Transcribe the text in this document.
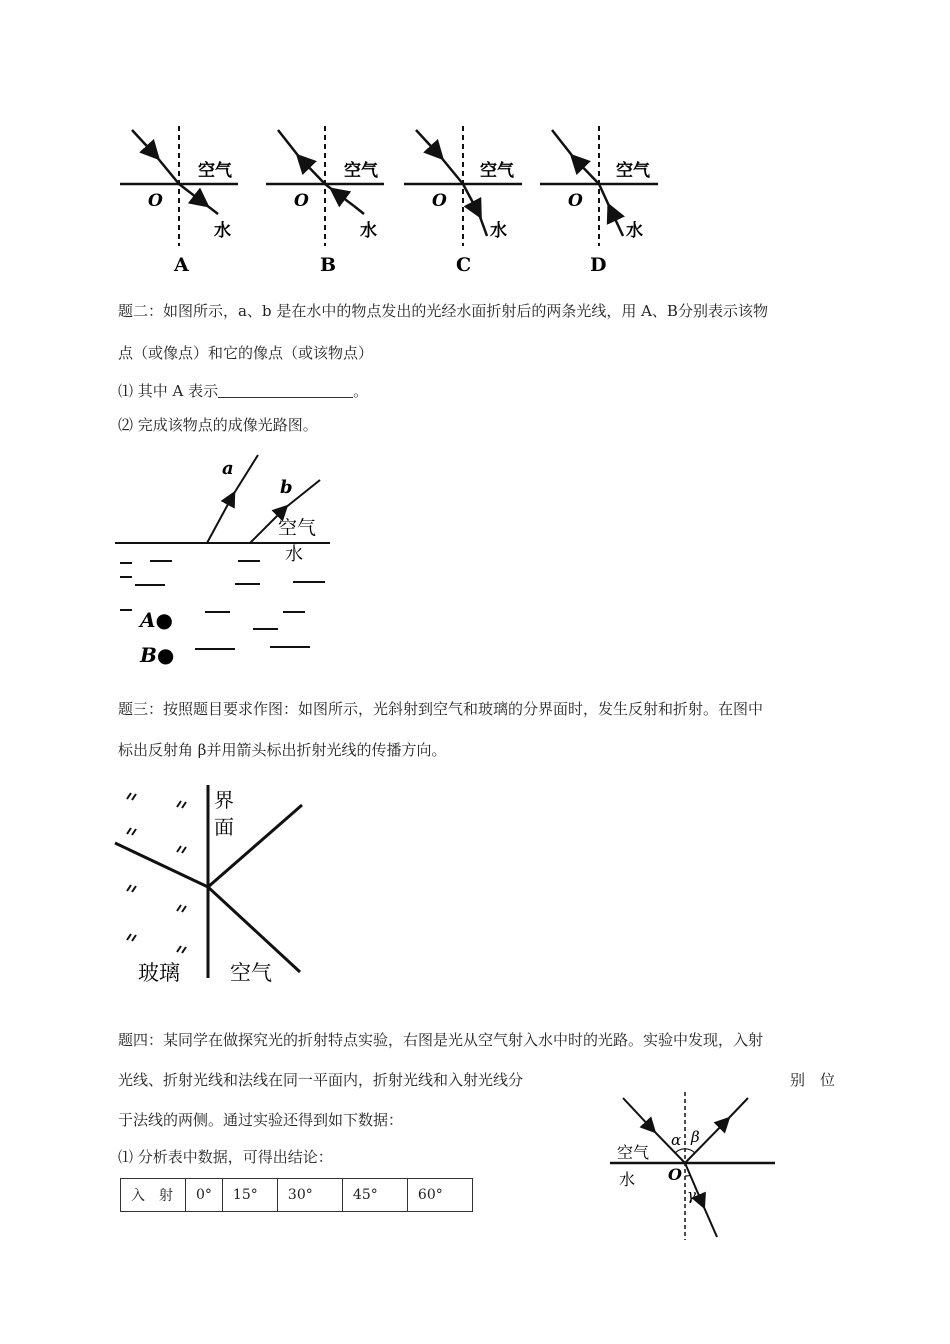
空气
O
水
A
空气
O
水
B
空气
O
水
C
空气
O
水
D
题二：如图所示，a、b 是在水中的物点发出的光经水面折射后的两条光线，用 A、B分别表示该物
点（或像点）和它的像点（或该物点）
⑴ 其中 A 表示	。
⑵ 完成该物点的成像光路图。
a
b
空气
水
A●
B●
题三：按照题目要求作图：如图所示，光斜射到空气和玻璃的分界面时，发生反射和折射。在图中
标出反射角 β并用箭头标出折射光线的传播方向。
界
面
玻璃 空气
题四：某同学在做探究光的折射特点实验，右图是光从空气射入水中时的光路。实验中发现，入射
光线、折射光线和法线在同一平面内，折射光线和入射光线分	别　位
于法线的两侧。通过实验还得到如下数据：
⑴ 分析表中数据，可得出结论：
入　射	0°	15°	30°	45°	60°
α β
空气
水 O
γ
